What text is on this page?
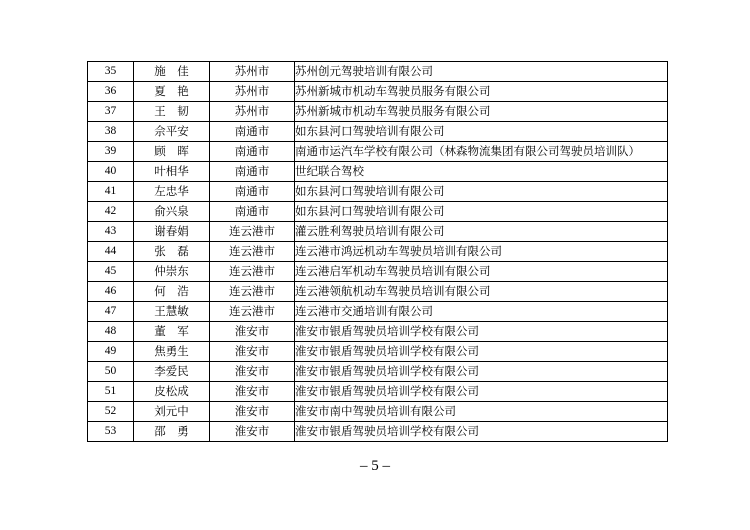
35	施　佳	苏州市	苏州创元驾驶培训有限公司
36	夏　艳	苏州市	苏州新城市机动车驾驶员服务有限公司
37	王　韧	苏州市	苏州新城市机动车驾驶员服务有限公司
38	佘平安	南通市	如东县河口驾驶培训有限公司
39	顾　晖	南通市	南通市运汽车学校有限公司（林森物流集团有限公司驾驶员培训队）
40	叶相华	南通市	世纪联合驾校
41	左忠华	南通市	如东县河口驾驶培训有限公司
42	俞兴泉	南通市	如东县河口驾驶培训有限公司
43	谢春娟	连云港市	灌云胜利驾驶员培训有限公司
44	张　磊	连云港市	连云港市鸿远机动车驾驶员培训有限公司
45	仲崇东	连云港市	连云港启军机动车驾驶员培训有限公司
46	何　浩	连云港市	连云港领航机动车驾驶员培训有限公司
47	王慧敏	连云港市	连云港市交通培训有限公司
48	董　军	淮安市	淮安市银盾驾驶员培训学校有限公司
49	焦勇生	淮安市	淮安市银盾驾驶员培训学校有限公司
50	李爱民	淮安市	淮安市银盾驾驶员培训学校有限公司
51	皮松成	淮安市	淮安市银盾驾驶员培训学校有限公司
52	刘元中	淮安市	淮安市南中驾驶员培训有限公司
53	邵　勇	淮安市	淮安市银盾驾驶员培训学校有限公司
– 5 –
